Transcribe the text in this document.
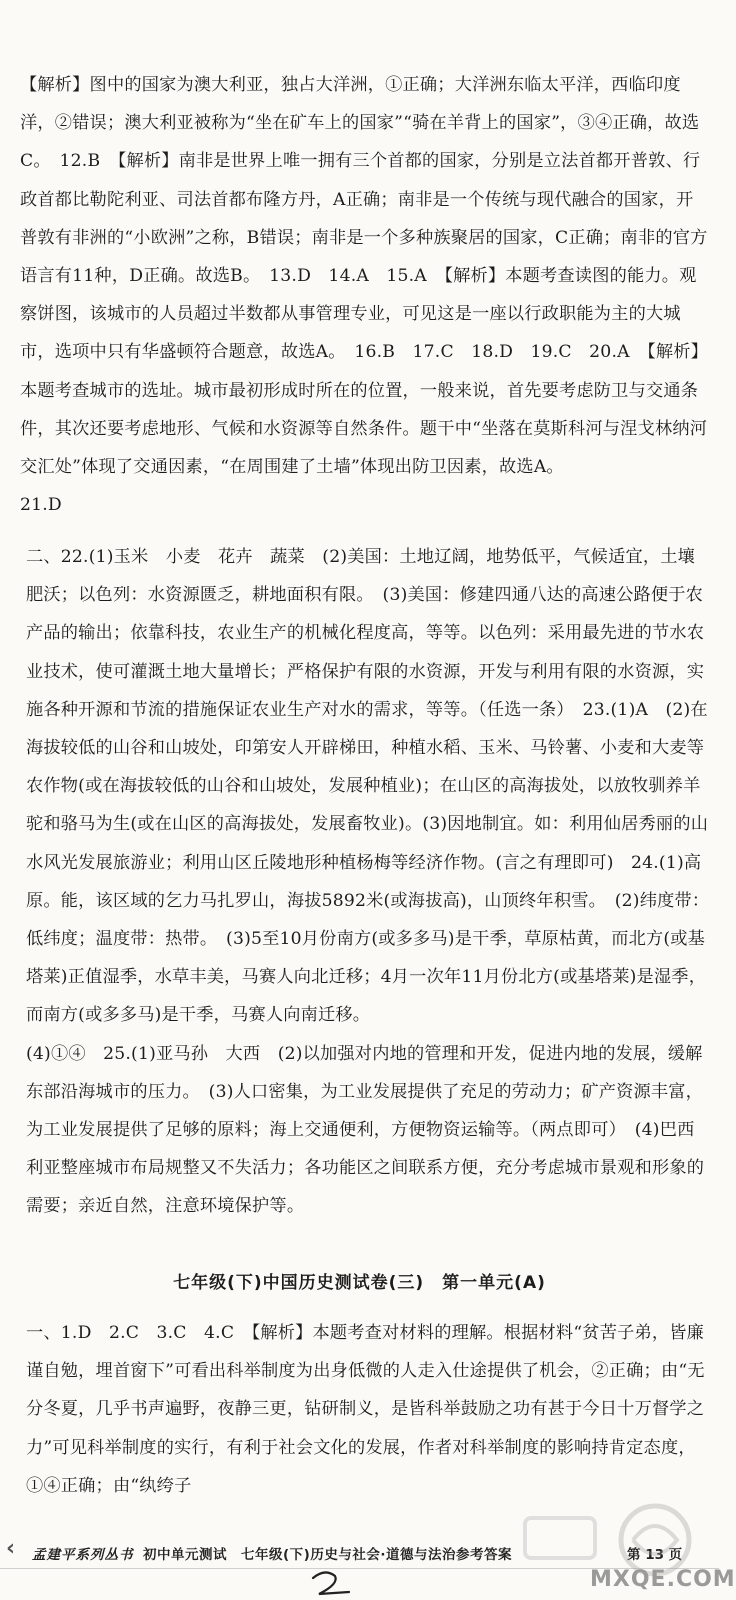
【解析】图中的国家为澳大利亚，独占大洋洲，①正确；大洋洲东临太平洋，西临印度洋，②错误；澳大利亚被称为“坐在矿车上的国家”“骑在羊背上的国家”，③④正确，故选C。　12.B　【解析】南非是世界上唯一拥有三个首都的国家，分别是立法首都开普敦、行政首都比勒陀利亚、司法首都布隆方丹，A正确；南非是一个传统与现代融合的国家，开普敦有非洲的“小欧洲”之称，B错误；南非是一个多种族聚居的国家，C正确；南非的官方语言有11种，D正确。故选B。　13.D　14.A　15.A　【解析】本题考查读图的能力。观察饼图，该城市的人员超过半数都从事管理专业，可见这是一座以行政职能为主的大城市，选项中只有华盛顿符合题意，故选A。　16.B　17.C　18.D　19.C　20.A　【解析】本题考查城市的选址。城市最初形成时所在的位置，一般来说，首先要考虑防卫与交通条件，其次还要考虑地形、气候和水资源等自然条件。题干中“坐落在莫斯科河与涅戈林纳河交汇处”体现了交通因素，“在周围建了土墙”体现出防卫因素，故选A。
21.D
二、22.(1)玉米　小麦　花卉　蔬菜　(2)美国：土地辽阔，地势低平，气候适宜，土壤肥沃；以色列：水资源匮乏，耕地面积有限。　(3)美国：修建四通八达的高速公路便于农产品的输出；依靠科技，农业生产的机械化程度高，等等。以色列：采用最先进的节水农业技术，使可灌溉土地大量增长；严格保护有限的水资源，开发与利用有限的水资源，实施各种开源和节流的措施保证农业生产对水的需求，等等。（任选一条）　23.(1)A　(2)在海拔较低的山谷和山坡处，印第安人开辟梯田，种植水稻、玉米、马铃薯、小麦和大麦等农作物(或在海拔较低的山谷和山坡处，发展种植业)；在山区的高海拔处，以放牧驯养羊驼和骆马为生(或在山区的高海拔处，发展畜牧业)。(3)因地制宜。如：利用仙居秀丽的山水风光发展旅游业；利用山区丘陵地形种植杨梅等经济作物。(言之有理即可)　24.(1)高原。能，该区域的乞力马扎罗山，海拔5892米(或海拔高)，山顶终年积雪。　(2)纬度带：低纬度；温度带：热带。　(3)5至10月份南方(或多多马)是干季，草原枯黄，而北方(或基塔莱)正值湿季，水草丰美，马赛人向北迁移；4月一次年11月份北方(或基塔莱)是湿季，而南方(或多多马)是干季，马赛人向南迁移。
(4)①④　25.(1)亚马孙　大西　(2)以加强对内地的管理和开发，促进内地的发展，缓解东部沿海城市的压力。　(3)人口密集，为工业发展提供了充足的劳动力；矿产资源丰富，为工业发展提供了足够的原料；海上交通便利，方便物资运输等。（两点即可）　(4)巴西利亚整座城市布局规整又不失活力；各功能区之间联系方便，充分考虑城市景观和形象的需要；亲近自然，注意环境保护等。
七年级(下)中国历史测试卷(三)　第一单元(A)
一、1.D　2.C　3.C　4.C　【解析】本题考查对材料的理解。根据材料“贫苦子弟，皆廉谨自勉，埋首窗下”可看出科举制度为出身低微的人走入仕途提供了机会，②正确；由“无分冬夏，几乎书声遍野，夜静三更，钻研制义，是皆科举鼓励之功有甚于今日十万督学之力”可见科举制度的实行，有利于社会文化的发展，作者对科举制度的影响持肯定态度，①④正确；由“纨绔子
‹ 孟建平系列丛书 初中单元测试　七年级(下)历史与社会·道德与法治参考答案	第 13 页
MXQE.COM
